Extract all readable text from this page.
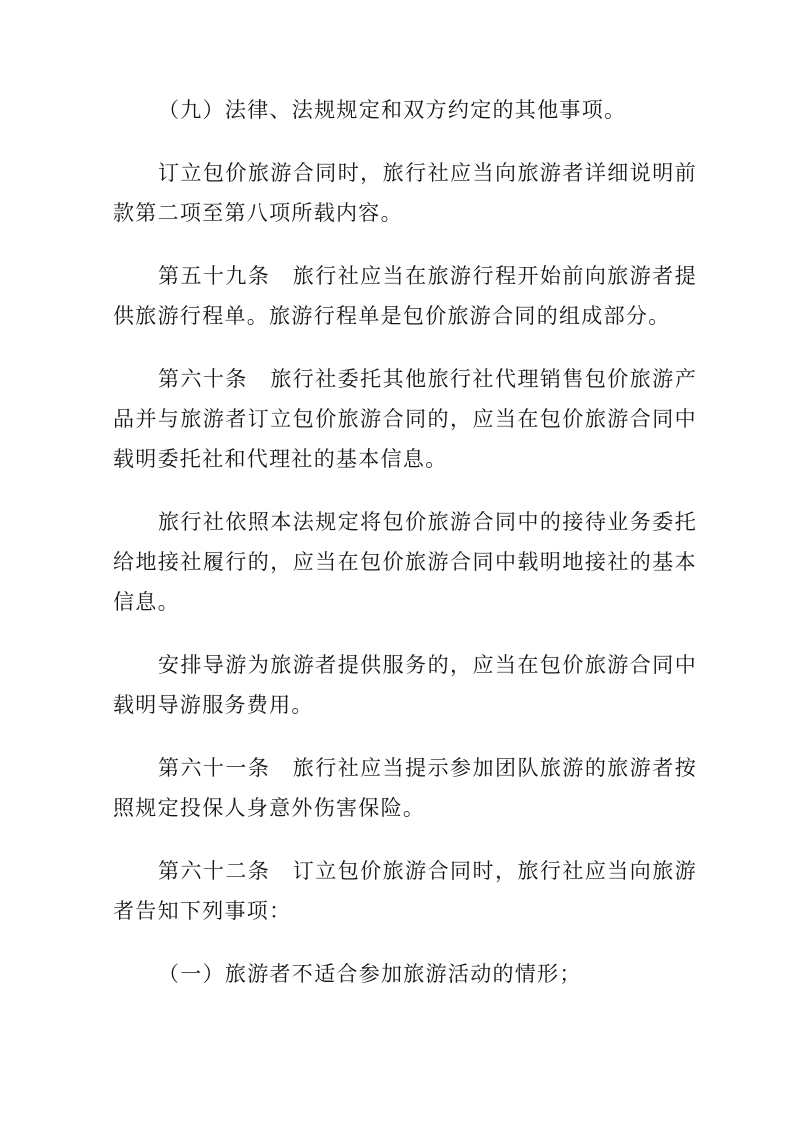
（九）法律、法规规定和双方约定的其他事项。

订立包价旅游合同时，旅行社应当向旅游者详细说明前款第二项至第八项所载内容。

第五十九条　旅行社应当在旅游行程开始前向旅游者提供旅游行程单。旅游行程单是包价旅游合同的组成部分。

第六十条　旅行社委托其他旅行社代理销售包价旅游产品并与旅游者订立包价旅游合同的，应当在包价旅游合同中载明委托社和代理社的基本信息。

旅行社依照本法规定将包价旅游合同中的接待业务委托给地接社履行的，应当在包价旅游合同中载明地接社的基本信息。

安排导游为旅游者提供服务的，应当在包价旅游合同中载明导游服务费用。

第六十一条　旅行社应当提示参加团队旅游的旅游者按照规定投保人身意外伤害保险。

第六十二条　订立包价旅游合同时，旅行社应当向旅游者告知下列事项：

（一）旅游者不适合参加旅游活动的情形；
